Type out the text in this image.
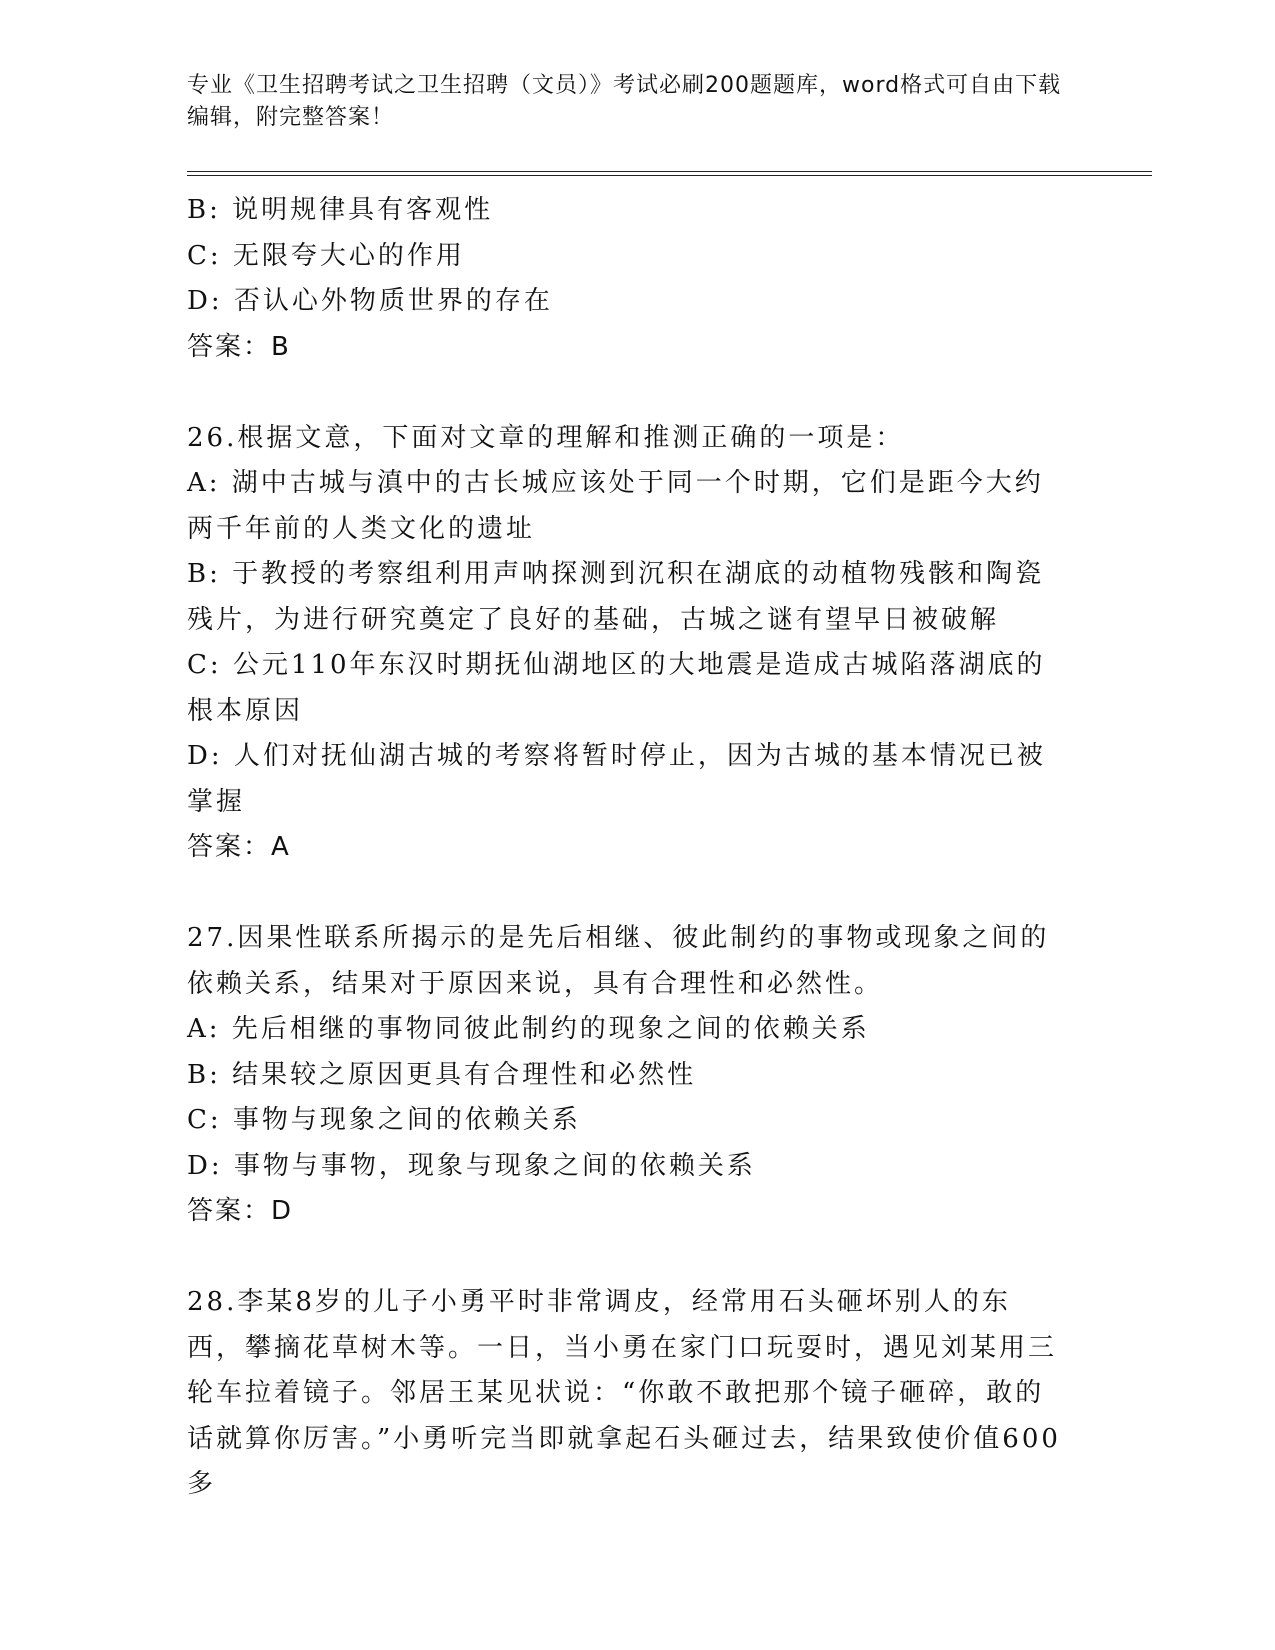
专业《卫生招聘考试之卫生招聘（文员）》考试必刷200题题库，word格式可自由下载编辑，附完整答案！

B: 说明规律具有客观性

C: 无限夸大心的作用

D: 否认心外物质世界的存在

答案：B

26.根据文意，下面对文章的理解和推测正确的一项是：

A: 湖中古城与滇中的古长城应该处于同一个时期，它们是距今大约两千年前的人类文化的遗址

B: 于教授的考察组利用声呐探测到沉积在湖底的动植物残骸和陶瓷残片，为进行研究奠定了良好的基础，古城之谜有望早日被破解

C: 公元110年东汉时期抚仙湖地区的大地震是造成古城陷落湖底的根本原因

D: 人们对抚仙湖古城的考察将暂时停止，因为古城的基本情况已被掌握

答案：A

27.因果性联系所揭示的是先后相继、彼此制约的事物或现象之间的依赖关系，结果对于原因来说，具有合理性和必然性。

A: 先后相继的事物同彼此制约的现象之间的依赖关系

B: 结果较之原因更具有合理性和必然性

C: 事物与现象之间的依赖关系

D: 事物与事物，现象与现象之间的依赖关系

答案：D

28.李某8岁的儿子小勇平时非常调皮，经常用石头砸坏别人的东西，攀摘花草树木等。一日，当小勇在家门口玩耍时，遇见刘某用三轮车拉着镜子。邻居王某见状说：“你敢不敢把那个镜子砸碎，敢的话就算你厉害。”小勇听完当即就拿起石头砸过去，结果致使价值600多
